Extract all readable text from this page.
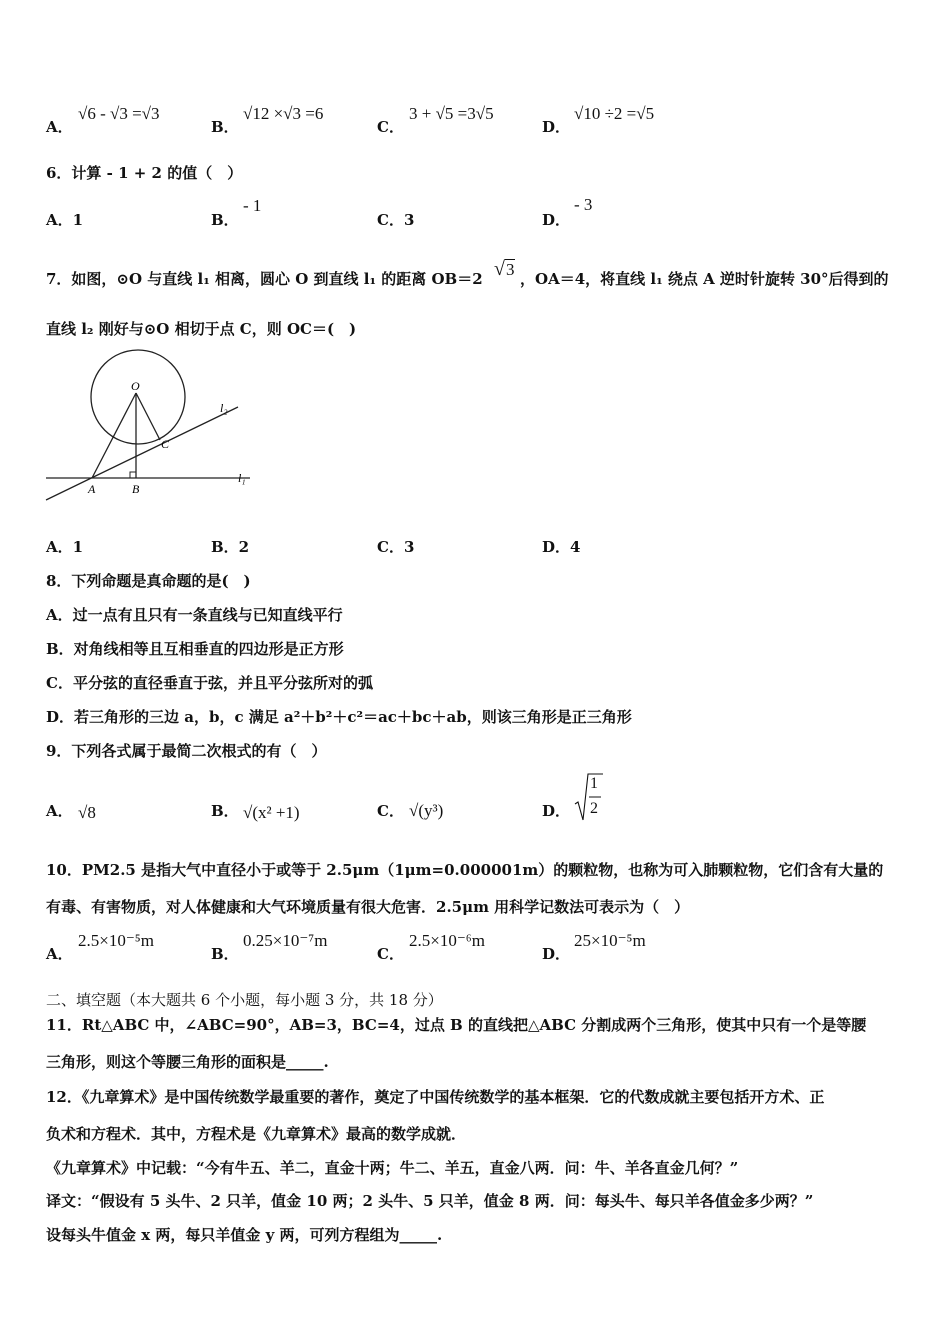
A．
√6 - √3 =√3
B．
√12 ×√3 =6
C．
3 + √5 =3√5
D．
√10 ÷2 =√5
6．计算 - 1 + 2 的值（　）
A．1	B．
- 1
C．3	D．
- 3
7．如图，⊙O 与直线 l₁ 相离，圆心 O 到直线 l₁ 的距离 OB＝2 √3 ，OA＝4，将直线 l₁ 绕点 A 逆时针旋转 30°后得到的
直线 l₂ 刚好与⊙O 相切于点 C，则 OC＝(　)
O
C
A	B
l₁
l₂
A．1	B．2	C．3	D．4
8．下列命题是真命题的是(　)
A．过一点有且只有一条直线与已知直线平行
B．对角线相等且互相垂直的四边形是正方形
C．平分弦的直径垂直于弦，并且平分弦所对的弧
D．若三角形的三边 a，b，c 满足 a²＋b²＋c²＝ac＋bc＋ab，则该三角形是正三角形
9．下列各式属于最简二次根式的有（　）
A． √8	B． √(x² +1)	C． √(y³)	D．
1
2
10．PM2.5 是指大气中直径小于或等于 2.5μm（1μm=0.000001m）的颗粒物，也称为可入肺颗粒物，它们含有大量的
有毒、有害物质，对人体健康和大气环境质量有很大危害．2.5μm 用科学记数法可表示为（　）
A．
2.5×10⁻⁵m
B．
0.25×10⁻⁷m
C．
2.5×10⁻⁶m
D．
25×10⁻⁵m
二、填空题（本大题共 6 个小题，每小题 3 分，共 18 分）
11．Rt△ABC 中，∠ABC=90°，AB=3，BC=4，过点 B 的直线把△ABC 分割成两个三角形，使其中只有一个是等腰
三角形，则这个等腰三角形的面积是_____.
12．《九章算术》是中国传统数学最重要的著作，奠定了中国传统数学的基本框架．它的代数成就主要包括开方术、正
负术和方程术．其中，方程术是《九章算术》最高的数学成就．
《九章算术》中记载：“今有牛五、羊二，直金十两；牛二、羊五，直金八两．问：牛、羊各直金几何？”
译文：“假设有 5 头牛、2 只羊，值金 10 两；2 头牛、5 只羊，值金 8 两．问：每头牛、每只羊各值金多少两？”
设每头牛值金 x 两，每只羊值金 y 两，可列方程组为_____.
